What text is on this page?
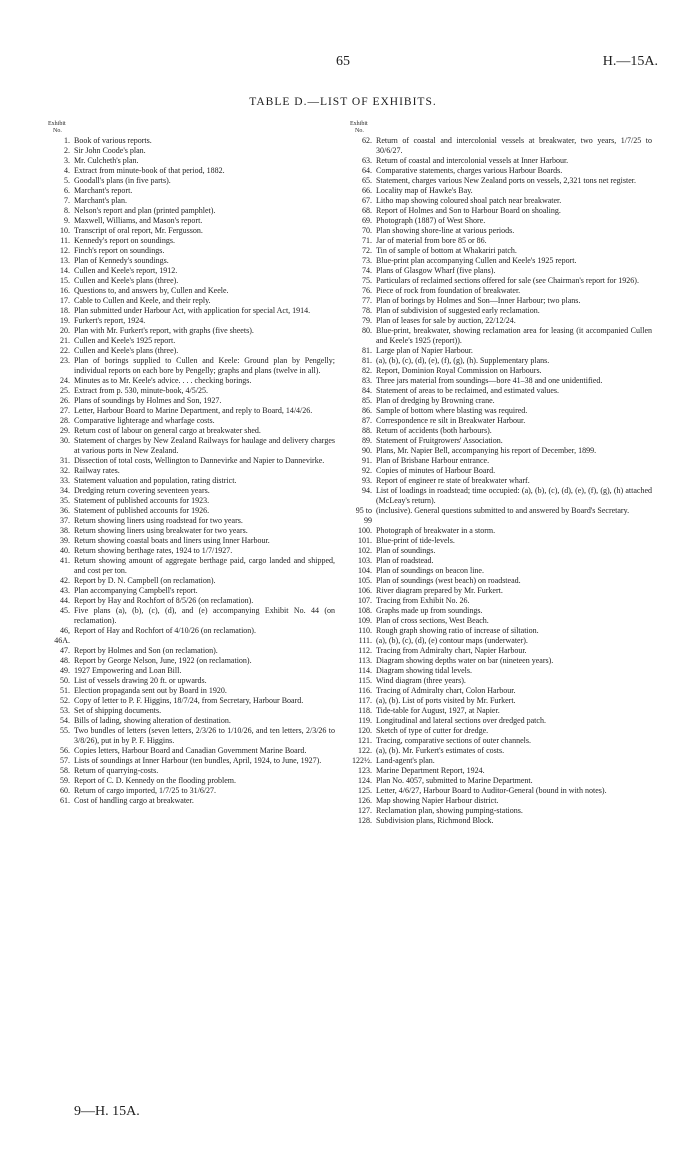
65	H.—15A.
TABLE D.—LIST OF EXHIBITS.
Exhibit
No.
1. Book of various reports.
2. Sir John Coode's plan.
3. Mr. Culcheth's plan.
4. Extract from minute-book of that period, 1882.
5. Goodall's plans (in five parts).
6. Marchant's report.
7. Marchant's plan.
8. Nelson's report and plan (printed pamphlet).
9. Maxwell, Williams, and Mason's report.
10. Transcript of oral report, Mr. Fergusson.
11. Kennedy's report on soundings.
12. Finch's report on soundings.
13. Plan of Kennedy's soundings.
14. Cullen and Keele's report, 1912.
15. Cullen and Keele's plans (three).
16. Questions to, and answers by, Cullen and Keele.
17. Cable to Cullen and Keele, and their reply.
18. Plan submitted under Harbour Act, with application for special Act, 1914.
19. Furkert's report, 1924.
20. Plan with Mr. Furkert's report, with graphs (five sheets).
21. Cullen and Keele's 1925 report.
22. Cullen and Keele's plans (three).
23. Plan of borings supplied to Cullen and Keele: Ground plan by Pengelly; individual reports on each bore by Pengelly; graphs and plans (twelve in all).
24. Minutes as to Mr. Keele's advice. . . . checking borings.
25. Extract from p. 530, minute-book, 4/5/25.
26. Plans of soundings by Holmes and Son, 1927.
27. Letter, Harbour Board to Marine Department, and reply to Board, 14/4/26.
28. Comparative lighterage and wharfage costs.
29. Return cost of labour on general cargo at breakwater shed.
30. Statement of charges by New Zealand Railways for haulage and delivery charges at various ports in New Zealand.
31. Dissection of total costs, Wellington to Dannevirke and Napier to Dannevirke.
32. Railway rates.
33. Statement valuation and population, rating district.
34. Dredging return covering seventeen years.
35. Statement of published accounts for 1923.
36. Statement of published accounts for 1926.
37. Return showing liners using roadstead for two years.
38. Return showing liners using breakwater for two years.
39. Return showing coastal boats and liners using Inner Harbour.
40. Return showing berthage rates, 1924 to 1/7/1927.
41. Return showing amount of aggregate berthage paid, cargo landed and shipped, and cost per ton.
42. Report by D. N. Campbell (on reclamation).
43. Plan accompanying Campbell's report.
44. Report by Hay and Rochfort of 8/5/26 (on reclamation).
45. Five plans (a), (b), (c), (d), and (e) accompanying Exhibit No. 44 (on reclamation).
46, 46A.
Report of Hay and Rochfort of 4/10/26 (on reclamation).
47. Report by Holmes and Son (on reclamation).
48. Report by George Nelson, June, 1922 (on reclamation).
49. 1927 Empowering and Loan Bill.
50. List of vessels drawing 20 ft. or upwards.
51. Election propaganda sent out by Board in 1920.
52. Copy of letter to P. F. Higgins, 18/7/24, from Secretary, Harbour Board.
53. Set of shipping documents.
54. Bills of lading, showing alteration of destination.
55. Two bundles of letters (seven letters, 2/3/26 to 1/10/26, and ten letters, 2/3/26 to 3/8/26), put in by P. F. Higgins.
56. Copies letters, Harbour Board and Canadian Government Marine Board.
57. Lists of soundings at Inner Harbour (ten bundles, April, 1924, to June, 1927).
58. Return of quarrying-costs.
59. Report of C. D. Kennedy on the flooding problem.
60. Return of cargo imported, 1/7/25 to 31/6/27.
61. Cost of handling cargo at breakwater.
Exhibit
No.
62. Return of coastal and intercolonial vessels at breakwater, two years, 1/7/25 to 30/6/27.
63. Return of coastal and intercolonial vessels at Inner Harbour.
64. Comparative statements, charges various Harbour Boards.
65. Statement, charges various New Zealand ports on vessels, 2,321 tons net register.
66. Locality map of Hawke's Bay.
67. Litho map showing coloured shoal patch near breakwater.
68. Report of Holmes and Son to Harbour Board on shoaling.
69. Photograph (1887) of West Shore.
70. Plan showing shore-line at various periods.
71. Jar of material from bore 85 or 86.
72. Tin of sample of bottom at Whakariri patch.
73. Blue-print plan accompanying Cullen and Keele's 1925 report.
74. Plans of Glasgow Wharf (five plans).
75. Particulars of reclaimed sections offered for sale (see Chairman's report for 1926).
76. Piece of rock from foundation of breakwater.
77. Plan of borings by Holmes and Son—Inner Harbour; two plans.
78. Plan of subdivision of suggested early reclamation.
79. Plan of leases for sale by auction, 22/12/24.
80. Blue-print, breakwater, showing reclamation area for leasing (it accompanied Cullen and Keele's 1925 (report)).
81. Large plan of Napier Harbour.
81. (a), (b), (c), (d), (e), (f), (g), (h). Supplementary plans.
82. Report, Dominion Royal Commission on Harbours.
83. Three jars material from soundings—bore 41–38 and one unidentified.
84. Statement of areas to be reclaimed, and estimated values.
85. Plan of dredging by Browning crane.
86. Sample of bottom where blasting was required.
87. Correspondence re silt in Breakwater Harbour.
88. Return of accidents (both harbours).
89. Statement of Fruitgrowers' Association.
90. Plans, Mr. Napier Bell, accompanying his report of December, 1899.
91. Plan of Brisbane Harbour entrance.
92. Copies of minutes of Harbour Board.
93. Report of engineer re state of breakwater wharf.
94. List of loadings in roadstead; time occupied: (a), (b), (c), (d), (e), (f), (g), (h) attached (McLeay's return).
95 to 99
(inclusive). General questions submitted to and answered by Board's Secretary.
100. Photograph of breakwater in a storm.
101. Blue-print of tide-levels.
102. Plan of soundings.
103. Plan of roadstead.
104. Plan of soundings on beacon line.
105. Plan of soundings (west beach) on roadstead.
106. River diagram prepared by Mr. Furkert.
107. Tracing from Exhibit No. 26.
108. Graphs made up from soundings.
109. Plan of cross sections, West Beach.
110. Rough graph showing ratio of increase of siltation.
111. (a), (b), (c), (d), (e) contour maps (underwater).
112. Tracing from Admiralty chart, Napier Harbour.
113. Diagram showing depths water on bar (nineteen years).
114. Diagram showing tidal levels.
115. Wind diagram (three years).
116. Tracing of Admiralty chart, Colon Harbour.
117. (a), (b). List of ports visited by Mr. Furkert.
118. Tide-table for August, 1927, at Napier.
119. Longitudinal and lateral sections over dredged patch.
120. Sketch of type of cutter for dredge.
121. Tracing, comparative sections of outer channels.
122. (a), (b). Mr. Furkert's estimates of costs.
122½. Land-agent's plan.
123. Marine Department Report, 1924.
124. Plan No. 4057, submitted to Marine Department.
125. Letter, 4/6/27, Harbour Board to Auditor-General (bound in with notes).
126. Map showing Napier Harbour district.
127. Reclamation plan, showing pumping-stations.
128. Subdivision plans, Richmond Block.
9—H. 15A.
